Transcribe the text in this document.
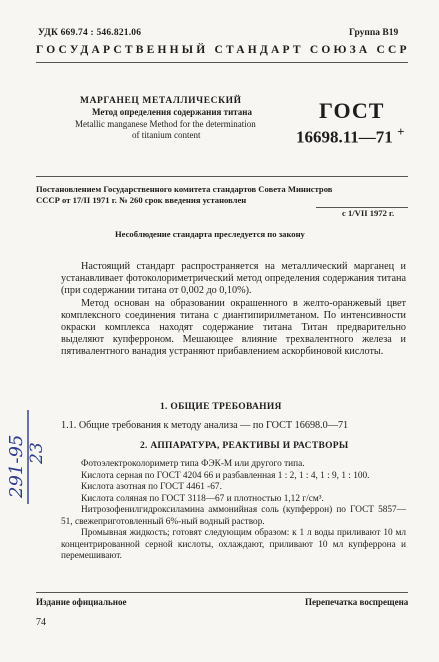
УДК 669.74 : 546.821.06	Группа В19
ГОСУДАРСТВЕННЫЙ СТАНДАРТ СОЮЗА ССР
МАРГАНЕЦ МЕТАЛЛИЧЕСКИЙ
Метод определения содержания титана
Metallic manganese Method for the determination
of titanium content
ГОСТ
16698.11—71 +
Постановлением Государственного комитета стандартов Совета Министров
СССР от 17/II 1971 г. № 260 срок введения установлен
с 1/VII 1972 г.
Несоблюдение стандарта преследуется по закону

Настоящий стандарт распространяется на металлический марганец и устанавливает фотоколориметрический метод определения содержания титана (при содержании титана от 0,002 до 0,10%).

Метод основан на образовании окрашенного в желто-оранжевый цвет комплексного соединения титана с диантипирилметаном. По интенсивности окраски комплекса находят содержание титана Титан предварительно выделяют купферроном. Мешающее влияние трехвалентного железа и пятивалентного ванадия устраняют прибавлением аскорбиновой кислоты.

1. ОБЩИЕ ТРЕБОВАНИЯ
1.1. Общие требования к методу анализа — по ГОСТ 16698.0—71
2. АППАРАТУРА, РЕАКТИВЫ И РАСТВОРЫ

Фотоэлектроколориметр типа ФЭК-М или другого типа.

Кислота серная по ГОСТ 4204 66 и разбавленная 1 : 2, 1 : 4, 1 : 9, 1 : 100.

Кислота азотная по ГОСТ 4461 -67.

Кислота соляная по ГОСТ 3118—67 и плотностью 1,12 г/см³.

Нитрозофенилгидроксиламина аммонийная соль (купферрон) по ГОСТ 5857—51, свежеприготовленный 6%-ный водный раствор.

Промывная жидкость; готовят следующим образом: к 1 л воды приливают 10 мл концентрированной серной кислоты, охлаждают, приливают 10 мл купферрона и перемешивают.

Издание официальное	Перепечатка воспрещена
74
291-95 23
